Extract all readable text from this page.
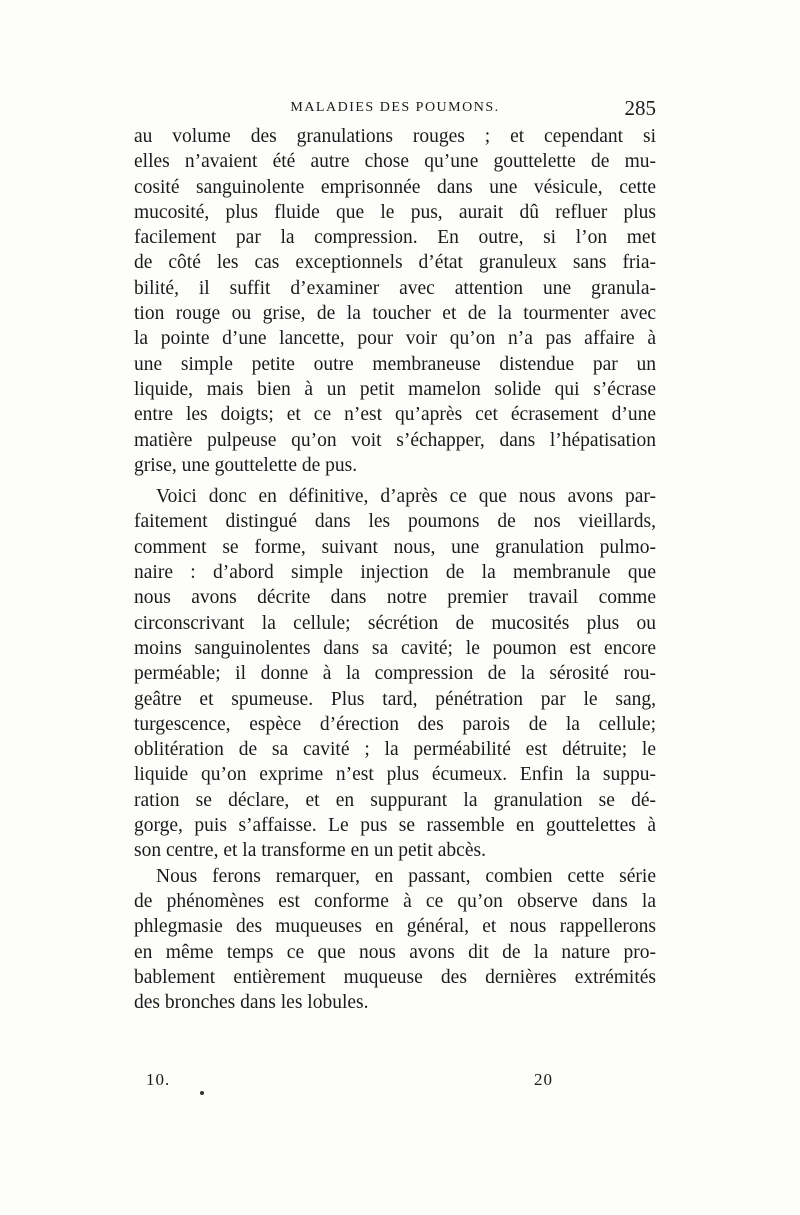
MALADIES DES POUMONS.	285
au volume des granulations rouges ; et cependant si
elles n’avaient été autre chose qu’une gouttelette de mu-
cosité sanguinolente emprisonnée dans une vésicule, cette
mucosité, plus fluide que le pus, aurait dû refluer plus
facilement par la compression. En outre, si l’on met
de côté les cas exceptionnels d’état granuleux sans fria-
bilité, il suffit d’examiner avec attention une granula-
tion rouge ou grise, de la toucher et de la tourmenter avec
la pointe d’une lancette, pour voir qu’on n’a pas affaire à
une simple petite outre membraneuse distendue par un
liquide, mais bien à un petit mamelon solide qui s’écrase
entre les doigts; et ce n’est qu’après cet écrasement d’une
matière pulpeuse qu’on voit s’échapper, dans l’hépatisation
grise, une gouttelette de pus.
Voici donc en définitive, d’après ce que nous avons par-
faitement distingué dans les poumons de nos vieillards,
comment se forme, suivant nous, une granulation pulmo-
naire : d’abord simple injection de la membranule que
nous avons décrite dans notre premier travail comme
circonscrivant la cellule; sécrétion de mucosités plus ou
moins sanguinolentes dans sa cavité; le poumon est encore
perméable; il donne à la compression de la sérosité rou-
geâtre et spumeuse. Plus tard, pénétration par le sang,
turgescence, espèce d’érection des parois de la cellule;
oblitération de sa cavité ; la perméabilité est détruite; le
liquide qu’on exprime n’est plus écumeux. Enfin la suppu-
ration se déclare, et en suppurant la granulation se dé-
gorge, puis s’affaisse. Le pus se rassemble en gouttelettes à
son centre, et la transforme en un petit abcès.
Nous ferons remarquer, en passant, combien cette série
de phénomènes est conforme à ce qu’on observe dans la
phlegmasie des muqueuses en général, et nous rappellerons
en même temps ce que nous avons dit de la nature pro-
bablement entièrement muqueuse des dernières extrémités
des bronches dans les lobules.
10.	20
